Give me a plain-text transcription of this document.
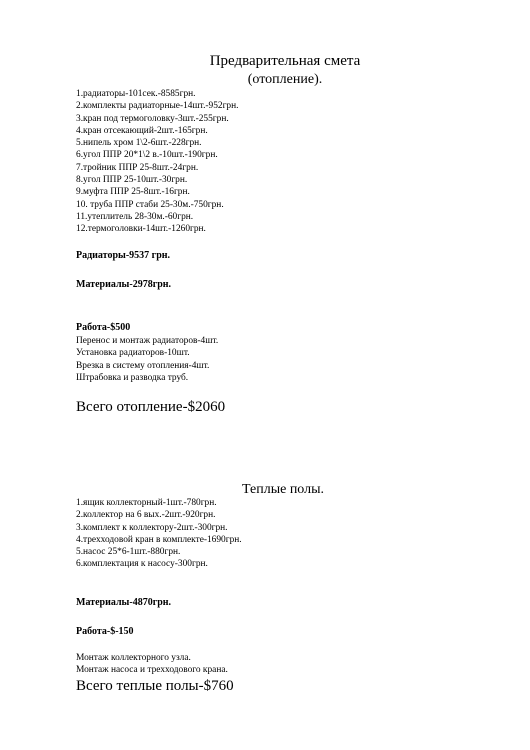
Предварительная смета
(отопление).
1.радиаторы-101сек.-8585грн.
2.комплекты радиаторные-14шт.-952грн.
3.кран под термоголовку-3шт.-255грн.
4.кран отсекающий-2шт.-165грн.
5.нипель хром 1\2-6шт.-228грн.
6.угол ППР 20*1\2 в.-10шт.-190грн.
7.тройник ППР 25-8шт.-24грн.
8.угол ППР 25-10шт.-30грн.
9.муфта ППР 25-8шт.-16грн.
10. труба ППР стаби 25-30м.-750грн.
11.утеплитель 28-30м.-60грн.
12.термоголовки-14шт.-1260грн.

Радиаторы-9537 грн.

Материалы-2978грн.

Работа-$500

Перенос и монтаж радиаторов-4шт.
Установка радиаторов-10шт.
Врезка в систему отопления-4шт.
Штрабовка и разводка труб.

Всего отопление-$2060

Теплые полы.
1.ящик коллекторный-1шт.-780грн.
2.коллектор на 6 вых.-2шт.-920грн.
3.комплект к коллектору-2шт.-300грн.
4.трехходовой кран в комплекте-1690грн.
5.насос 25*6-1шт.-880грн.
6.комплектация к насосу-300грн.

Материалы-4870грн.

Работа-$-150

Монтаж коллекторного узла.
Монтаж насоса и трехходового крана.

Всего теплые полы-$760
